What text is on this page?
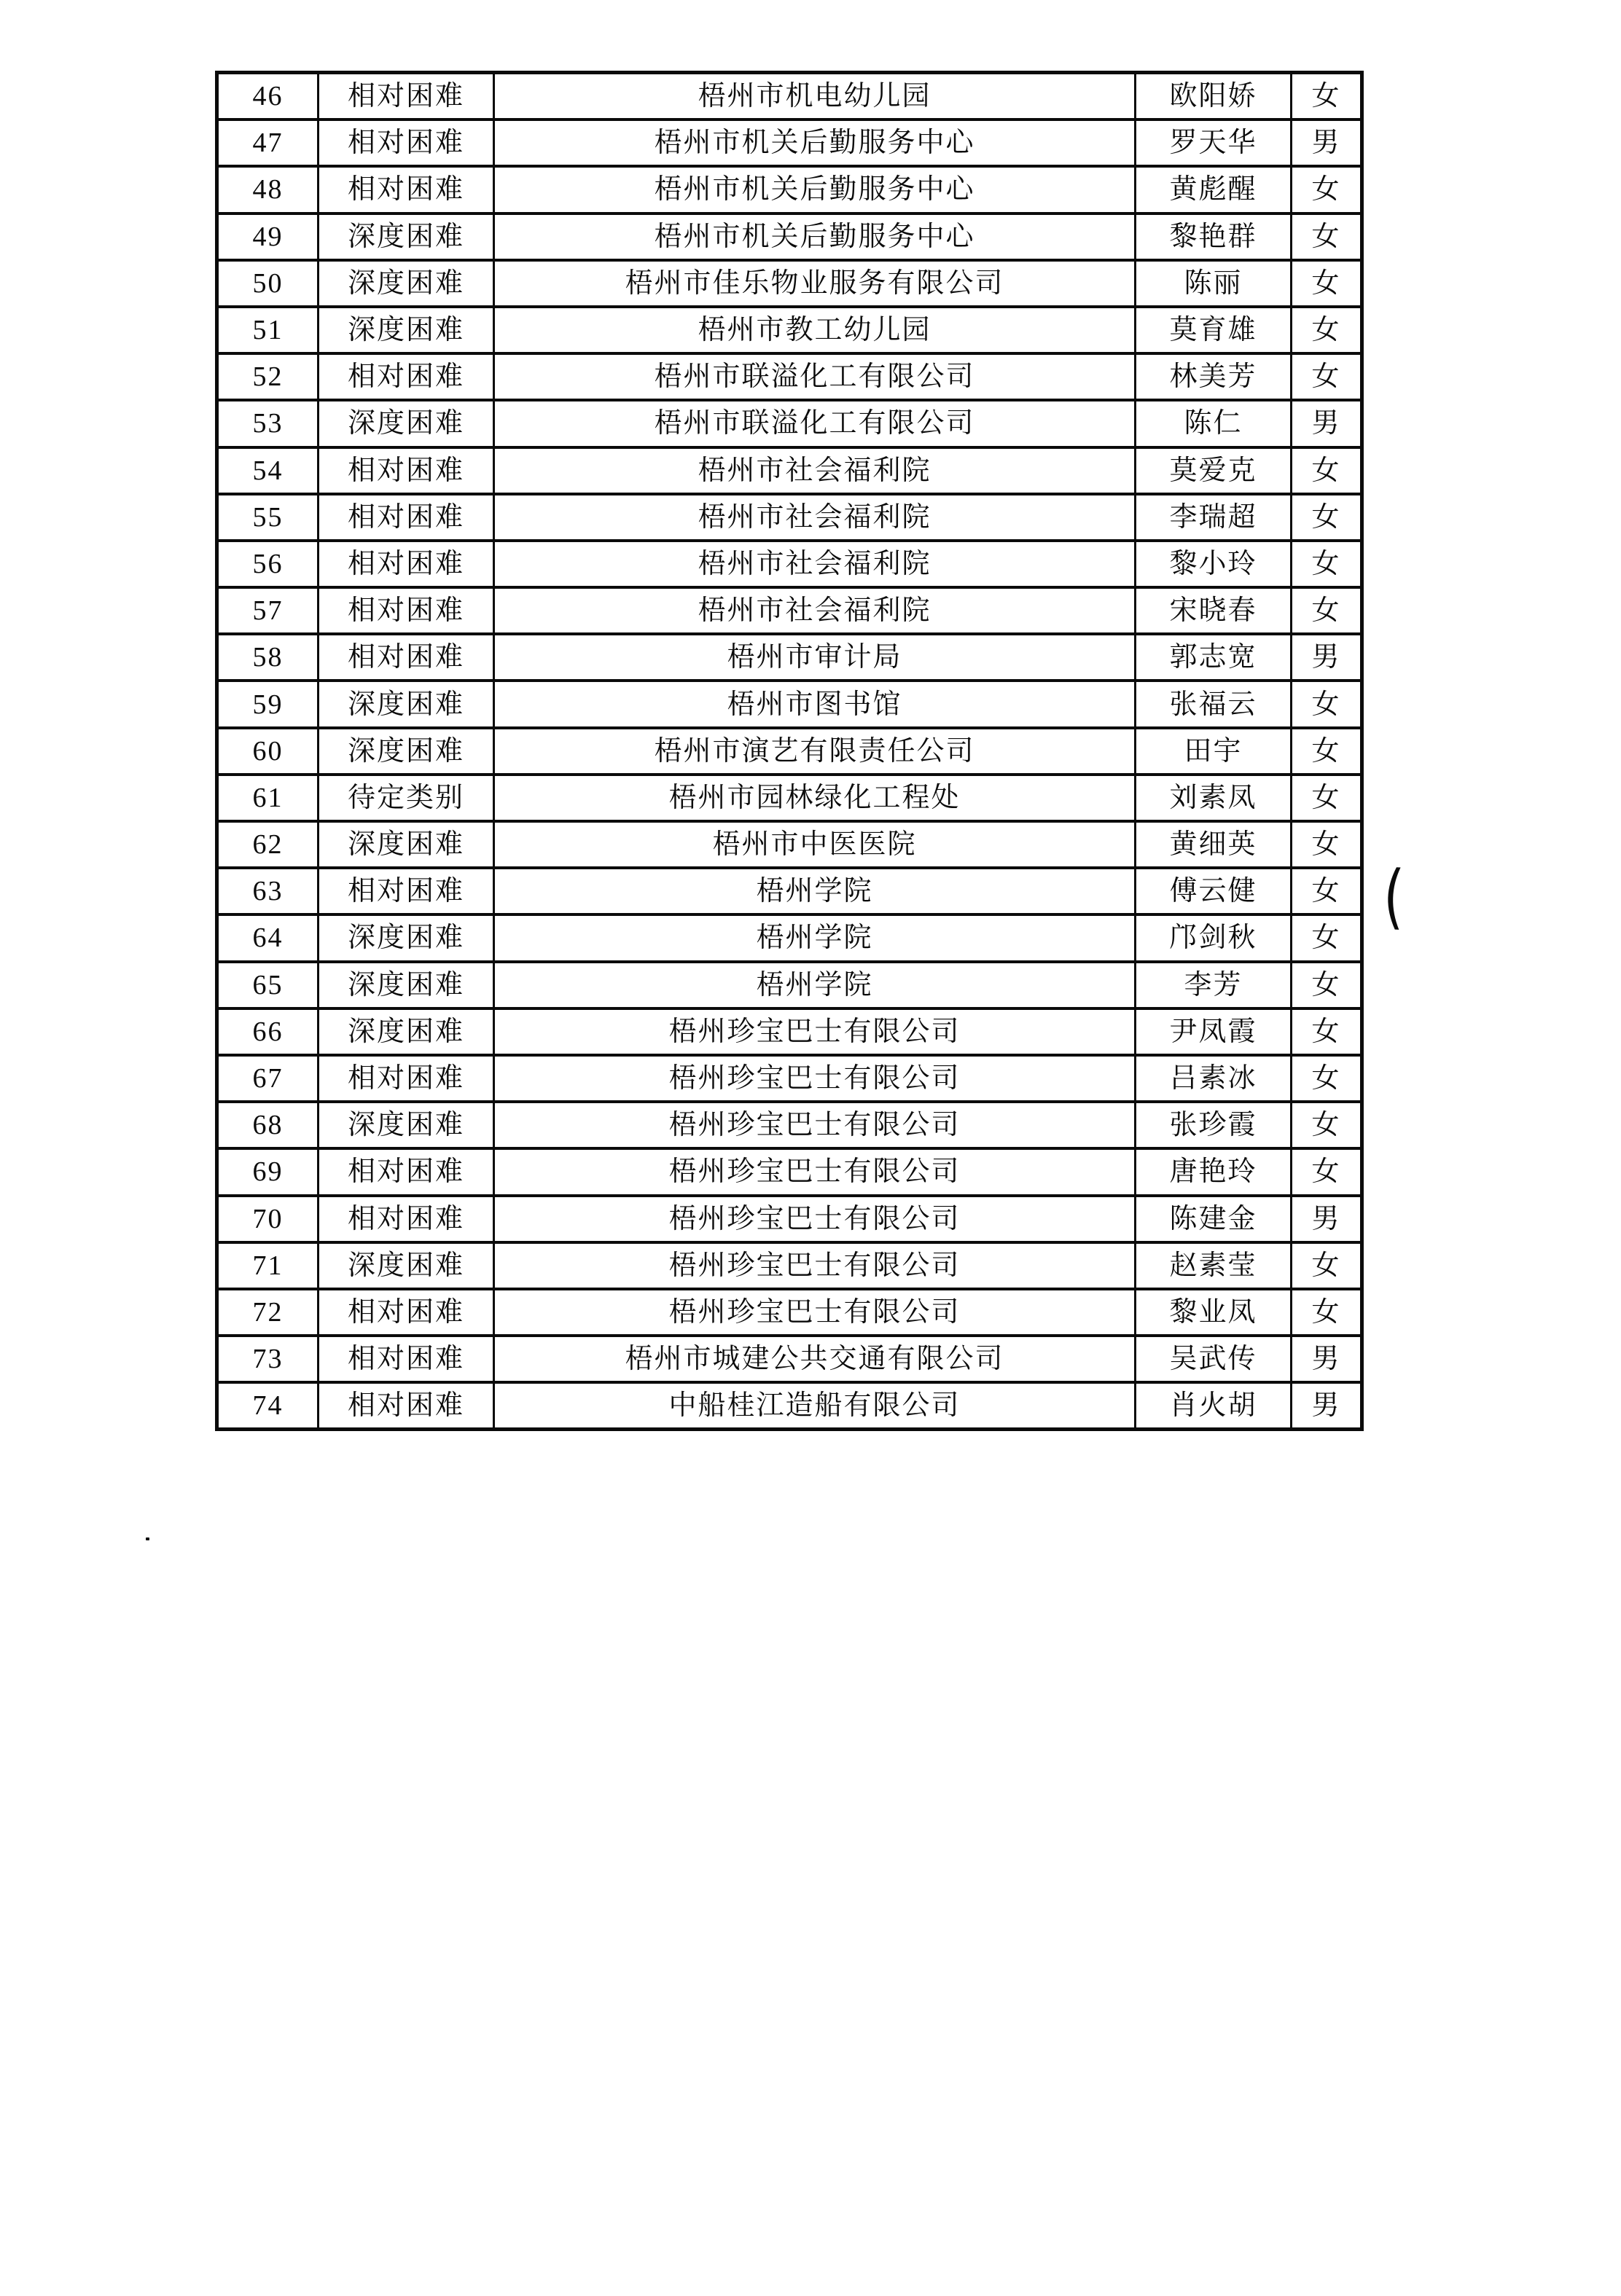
46	相对困难	梧州市机电幼儿园	欧阳娇	女
47	相对困难	梧州市机关后勤服务中心	罗天华	男
48	相对困难	梧州市机关后勤服务中心	黄彪醒	女
49	深度困难	梧州市机关后勤服务中心	黎艳群	女
50	深度困难	梧州市佳乐物业服务有限公司	陈丽	女
51	深度困难	梧州市教工幼儿园	莫育雄	女
52	相对困难	梧州市联溢化工有限公司	林美芳	女
53	深度困难	梧州市联溢化工有限公司	陈仁	男
54	相对困难	梧州市社会福利院	莫爱克	女
55	相对困难	梧州市社会福利院	李瑞超	女
56	相对困难	梧州市社会福利院	黎小玲	女
57	相对困难	梧州市社会福利院	宋晓春	女
58	相对困难	梧州市审计局	郭志宽	男
59	深度困难	梧州市图书馆	张福云	女
60	深度困难	梧州市演艺有限责任公司	田宇	女
61	待定类别	梧州市园林绿化工程处	刘素凤	女
62	深度困难	梧州市中医医院	黄细英	女
63	相对困难	梧州学院	傅云健	女
64	深度困难	梧州学院	邝剑秋	女
65	深度困难	梧州学院	李芳	女
66	深度困难	梧州珍宝巴士有限公司	尹凤霞	女
67	相对困难	梧州珍宝巴士有限公司	吕素冰	女
68	深度困难	梧州珍宝巴士有限公司	张珍霞	女
69	相对困难	梧州珍宝巴士有限公司	唐艳玲	女
70	相对困难	梧州珍宝巴士有限公司	陈建金	男
71	深度困难	梧州珍宝巴士有限公司	赵素莹	女
72	相对困难	梧州珍宝巴士有限公司	黎业凤	女
73	相对困难	梧州市城建公共交通有限公司	吴武传	男
74	相对困难	中船桂江造船有限公司	肖火胡	男
(
